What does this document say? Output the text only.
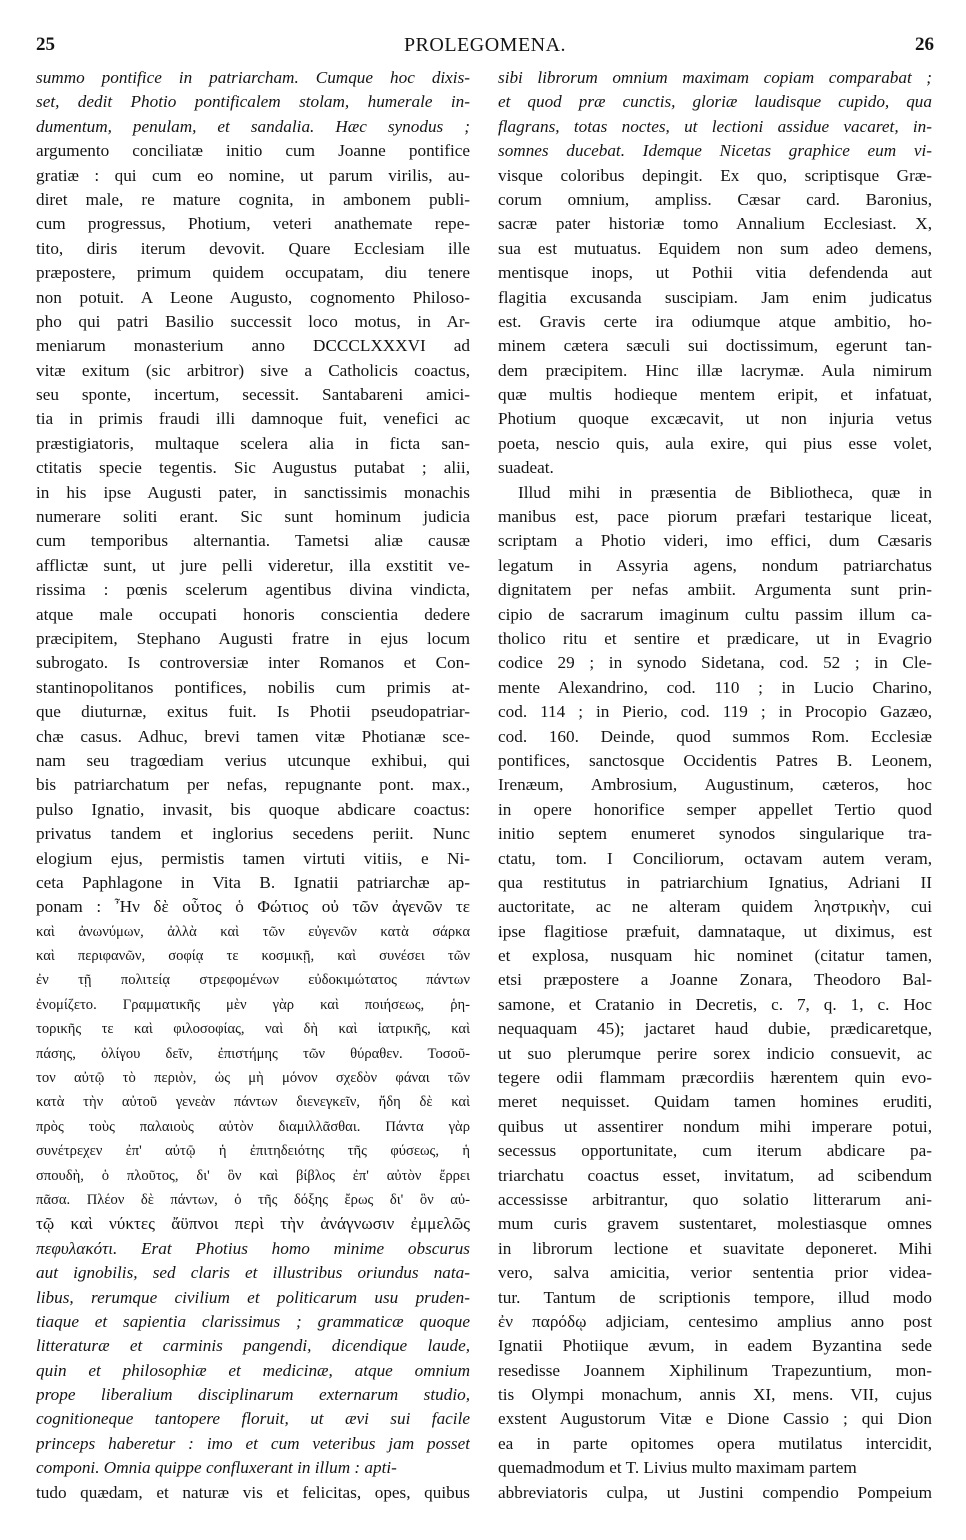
25	PROLEGOMENA.	26
summo pontifice in patriarcham. Cumque hoc dixis-
set, dedit Photio pontificalem stolam, humerale in-
dumentum, penulam, et sandalia. Hæc synodus ;
argumento conciliatæ initio cum Joanne pontifice
gratiæ : qui cum eo nomine, ut parum virilis, au-
diret male, re mature cognita, in ambonem publi-
cum progressus, Photium, veteri anathemate repe-
tito, diris iterum devovit. Quare Ecclesiam ille
præpostere, primum quidem occupatam, diu tenere
non potuit. A Leone Augusto, cognomento Philoso-
pho qui patri Basilio successit loco motus, in Ar-
meniarum monasterium anno DCCCLXXXVI ad
vitæ exitum (sic arbitror) sive a Catholicis coactus,
seu sponte, incertum, secessit. Santabareni amici-
tia in primis fraudi illi damnoque fuit, venefici ac
præstigiatoris, multaque scelera alia in ficta san-
ctitatis specie tegentis. Sic Augustus putabat ; alii,
in his ipse Augusti pater, in sanctissimis monachis
numerare soliti erant. Sic sunt hominum judicia
cum temporibus alternantia. Tametsi aliæ causæ
afflictæ sunt, ut jure pelli videretur, illa exstitit ve-
rissima : pœnis scelerum agentibus divina vindicta,
atque male occupati honoris conscientia dedere
præcipitem, Stephano Augusti fratre in ejus locum
subrogato. Is controversiæ inter Romanos et Con-
stantinopolitanos pontifices, nobilis cum primis at-
que diuturnæ, exitus fuit. Is Photii pseudopatriar-
chæ casus. Adhuc, brevi tamen vitæ Photianæ sce-
nam seu tragœdiam verius utcunque exhibui, qui
bis patriarchatum per nefas, repugnante pont. max.,
pulso Ignatio, invasit, bis quoque abdicare coactus:
privatus tandem et inglorius secedens periit. Nunc
elogium ejus, permistis tamen virtuti vitiis, e Ni-
ceta Paphlagone in Vita B. Ignatii patriarchæ ap-
ponam : Ἦν δὲ οὗτος ὁ Φώτιος οὐ τῶν ἀγενῶν τε
καὶ ἀνωνύμων, ἀλλὰ καὶ τῶν εὐγενῶν κατὰ σάρκα
καὶ περιφανῶν, σοφίᾳ τε κοσμικῇ, καὶ συνέσει τῶν
ἐν τῇ πολιτείᾳ στρεφομένων εὐδοκιμώτατος πάντων
ἐνομίζετο. Γραμματικῆς μὲν γὰρ καὶ ποιήσεως, ῥη-
τορικῆς τε καὶ φιλοσοφίας, ναὶ δὴ καὶ ἰατρικῆς, καὶ
πάσης, ὀλίγου δεῖν, ἐπιστήμης τῶν θύραθεν. Τοσοῦ-
τον αὐτῷ τὸ περιὸν, ὡς μὴ μόνον σχεδὸν φάναι τῶν
κατὰ τὴν αὐτοῦ γενεὰν πάντων διενεγκεῖν, ἤδη δὲ καὶ
πρὸς τοὺς παλαιοὺς αὐτὸν διαμιλλᾶσθαι. Πάντα γὰρ
συνέτρεχεν ἐπ' αὐτῷ ἡ ἐπιτηδειότης τῆς φύσεως, ἡ
σπουδὴ, ὁ πλοῦτος, δι' ὃν καὶ βίβλος ἐπ' αὐτὸν ἔρρει
πᾶσα. Πλέον δὲ πάντων, ὁ τῆς δόξης ἔρως δι' ὃν αὐ-
τῷ καὶ νύκτες ἄϋπνοι περὶ τὴν ἀνάγνωσιν ἐμμελῶς
πεφυλακότι. Erat Photius homo minime obscurus
aut ignobilis, sed claris et illustribus oriundus nata-
libus, rerumque civilium et politicarum usu pruden-
tiaque et sapientia clarissimus ; grammaticæ quoque
litteraturæ et carminis pangendi, dicendique laude,
quin et philosophiæ et medicinæ, atque omnium
prope liberalium disciplinarum externarum studio,
cognitioneque tantopere floruit, ut ævi sui facile
princeps haberetur : imo et cum veteribus jam posset
componi. Omnia quippe confluxerant in illum : apti-
tudo quædam, et naturæ vis et felicitas, opes, quibus
sibi librorum omnium maximam copiam comparabat ;
et quod præ cunctis, gloriæ laudisque cupido, qua
flagrans, totas noctes, ut lectioni assidue vacaret, in-
somnes ducebat. Idemque Nicetas graphice eum vi-
visque coloribus depingit. Ex quo, scriptisque Græ-
corum omnium, ampliss. Cæsar card. Baronius,
sacræ pater historiæ tomo Annalium Ecclesiast. X,
sua est mutuatus. Equidem non sum adeo demens,
mentisque inops, ut Pothii vitia defendenda aut
flagitia excusanda suscipiam. Jam enim judicatus
est. Gravis certe ira odiumque atque ambitio, ho-
minem cætera sæculi sui doctissimum, egerunt tan-
dem præcipitem. Hinc illæ lacrymæ. Aula nimirum
quæ multis hodieque mentem eripit, et infatuat,
Photium quoque excæcavit, ut non injuria vetus
poeta, nescio quis, aula exire, qui pius esse volet,
suadeat.
Illud mihi in præsentia de Bibliotheca, quæ in
manibus est, pace piorum præfari testarique liceat,
scriptam a Photio videri, imo effici, dum Cæsaris
legatum in Assyria agens, nondum patriarchatus
dignitatem per nefas ambiit. Argumenta sunt prin-
cipio de sacrarum imaginum cultu passim illum ca-
tholico ritu et sentire et prædicare, ut in Evagrio
codice 29 ; in synodo Sidetana, cod. 52 ; in Cle-
mente Alexandrino, cod. 110 ; in Lucio Charino,
cod. 114 ; in Pierio, cod. 119 ; in Procopio Gazæo,
cod. 160. Deinde, quod summos Rom. Ecclesiæ
pontifices, sanctosque Occidentis Patres B. Leonem,
Irenæum, Ambrosium, Augustinum, cæteros, hoc
in opere honorifice semper appellet Tertio quod
initio septem enumeret synodos singularique tra-
ctatu, tom. I Conciliorum, octavam autem veram,
qua restitutus in patriarchium Ignatius, Adriani II
auctoritate, ac ne alteram quidem ληστρικὴν, cui
ipse flagitiose præfuit, damnataque, ut diximus, est
et explosa, nusquam hic nominet (citatur tamen,
etsi præpostere a Joanne Zonara, Theodoro Bal-
samone, et Cratanio in Decretis, c. 7, q. 1, c. Hoc
nequaquam 45); jactaret haud dubie, prædicaretque,
ut suo plerumque perire sorex indicio consuevit, ac
tegere odii flammam præcordiis hærentem quin evo-
meret nequisset. Quidam tamen homines eruditi,
quibus ut assentirer nondum mihi imperare potui,
secessus opportunitate, cum iterum abdicare pa-
triarchatu coactus esset, invitatum, ad scibendum
accessisse arbitrantur, quo solatio litterarum ani-
mum curis gravem sustentaret, molestiasque omnes
in librorum lectione et suavitate deponeret. Mihi
vero, salva amicitia, verior sententia prior videa-
tur. Tantum de scriptionis tempore, illud modo
ἐν παρόδῳ adjiciam, centesimo amplius anno post
Ignatii Photiique ævum, in eadem Byzantina sede
resedisse Joannem Xiphilinum Trapezuntium, mon-
tis Olympi monachum, annis XI, mens. VII, cujus
exstent Augustorum Vitæ e Dione Cassio ; qui Dion
ea in parte opitomes opera mutilatus intercidit,
quemadmodum et T. Livius multo maximam partem
abbreviatoris culpa, ut Justini compendio Pompeium
